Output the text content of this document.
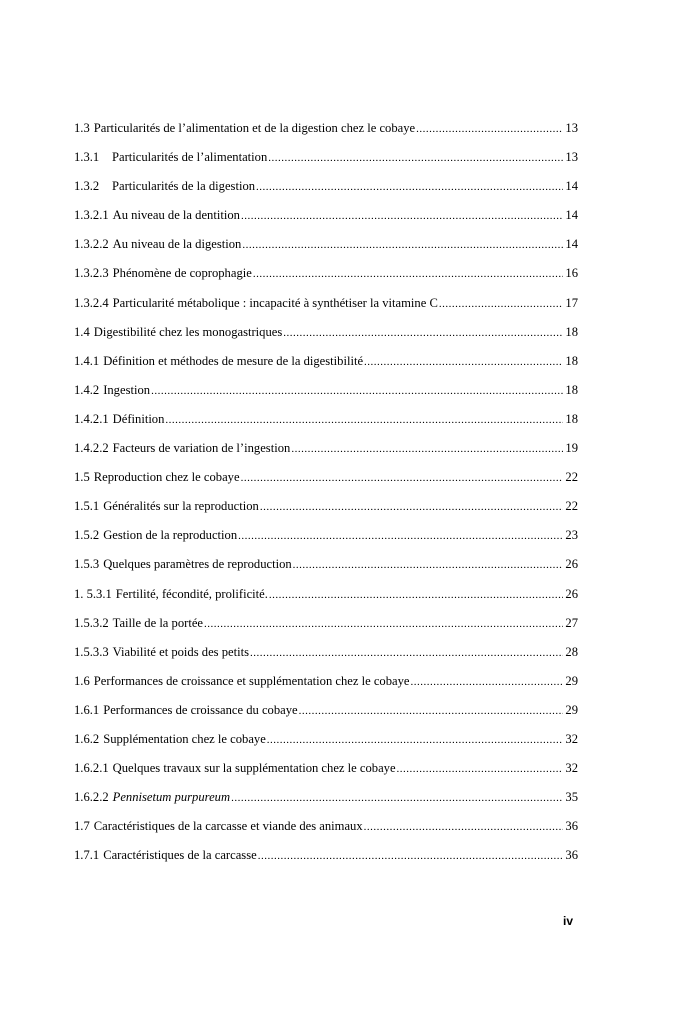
1.3 Particularités de l’alimentation et de la digestion chez le cobaye .....	13
1.3.1	Particularités de l’alimentation .....	13
1.3.2	Particularités de la digestion .....	14
1.3.2.1 Au niveau de la dentition .....	14
1.3.2.2 Au niveau de la digestion .....	14
1.3.2.3 Phénomène de coprophagie .....	16
1.3.2.4 Particularité métabolique : incapacité à synthétiser la vitamine C .....	17
1.4 Digestibilité chez les monogastriques .....	18
1.4.1 Définition et méthodes de mesure de la digestibilité .....	18
1.4.2 Ingestion .....	18
1.4.2.1 Définition .....	18
1.4.2.2 Facteurs de variation de l’ingestion .....	19
1.5 Reproduction chez le cobaye .....	22
1.5.1 Généralités sur la reproduction .....	22
1.5.2 Gestion de la reproduction .....	23
1.5.3 Quelques paramètres de reproduction .....	26
1. 5.3.1 Fertilité, fécondité, prolificité. .....	26
1.5.3.2 Taille de la portée .....	27
1.5.3.3 Viabilité et poids des petits .....	28
1.6 Performances de croissance et supplémentation chez le cobaye .....	29
1.6.1 Performances de croissance du cobaye .....	29
1.6.2 Supplémentation chez le cobaye .....	32
1.6.2.1 Quelques travaux sur la supplémentation chez le cobaye .....	32
1.6.2.2 Pennisetum purpureum .....	35
1.7 Caractéristiques de la carcasse et viande des animaux .....	36
1.7.1 Caractéristiques de la carcasse .....	36
iv
